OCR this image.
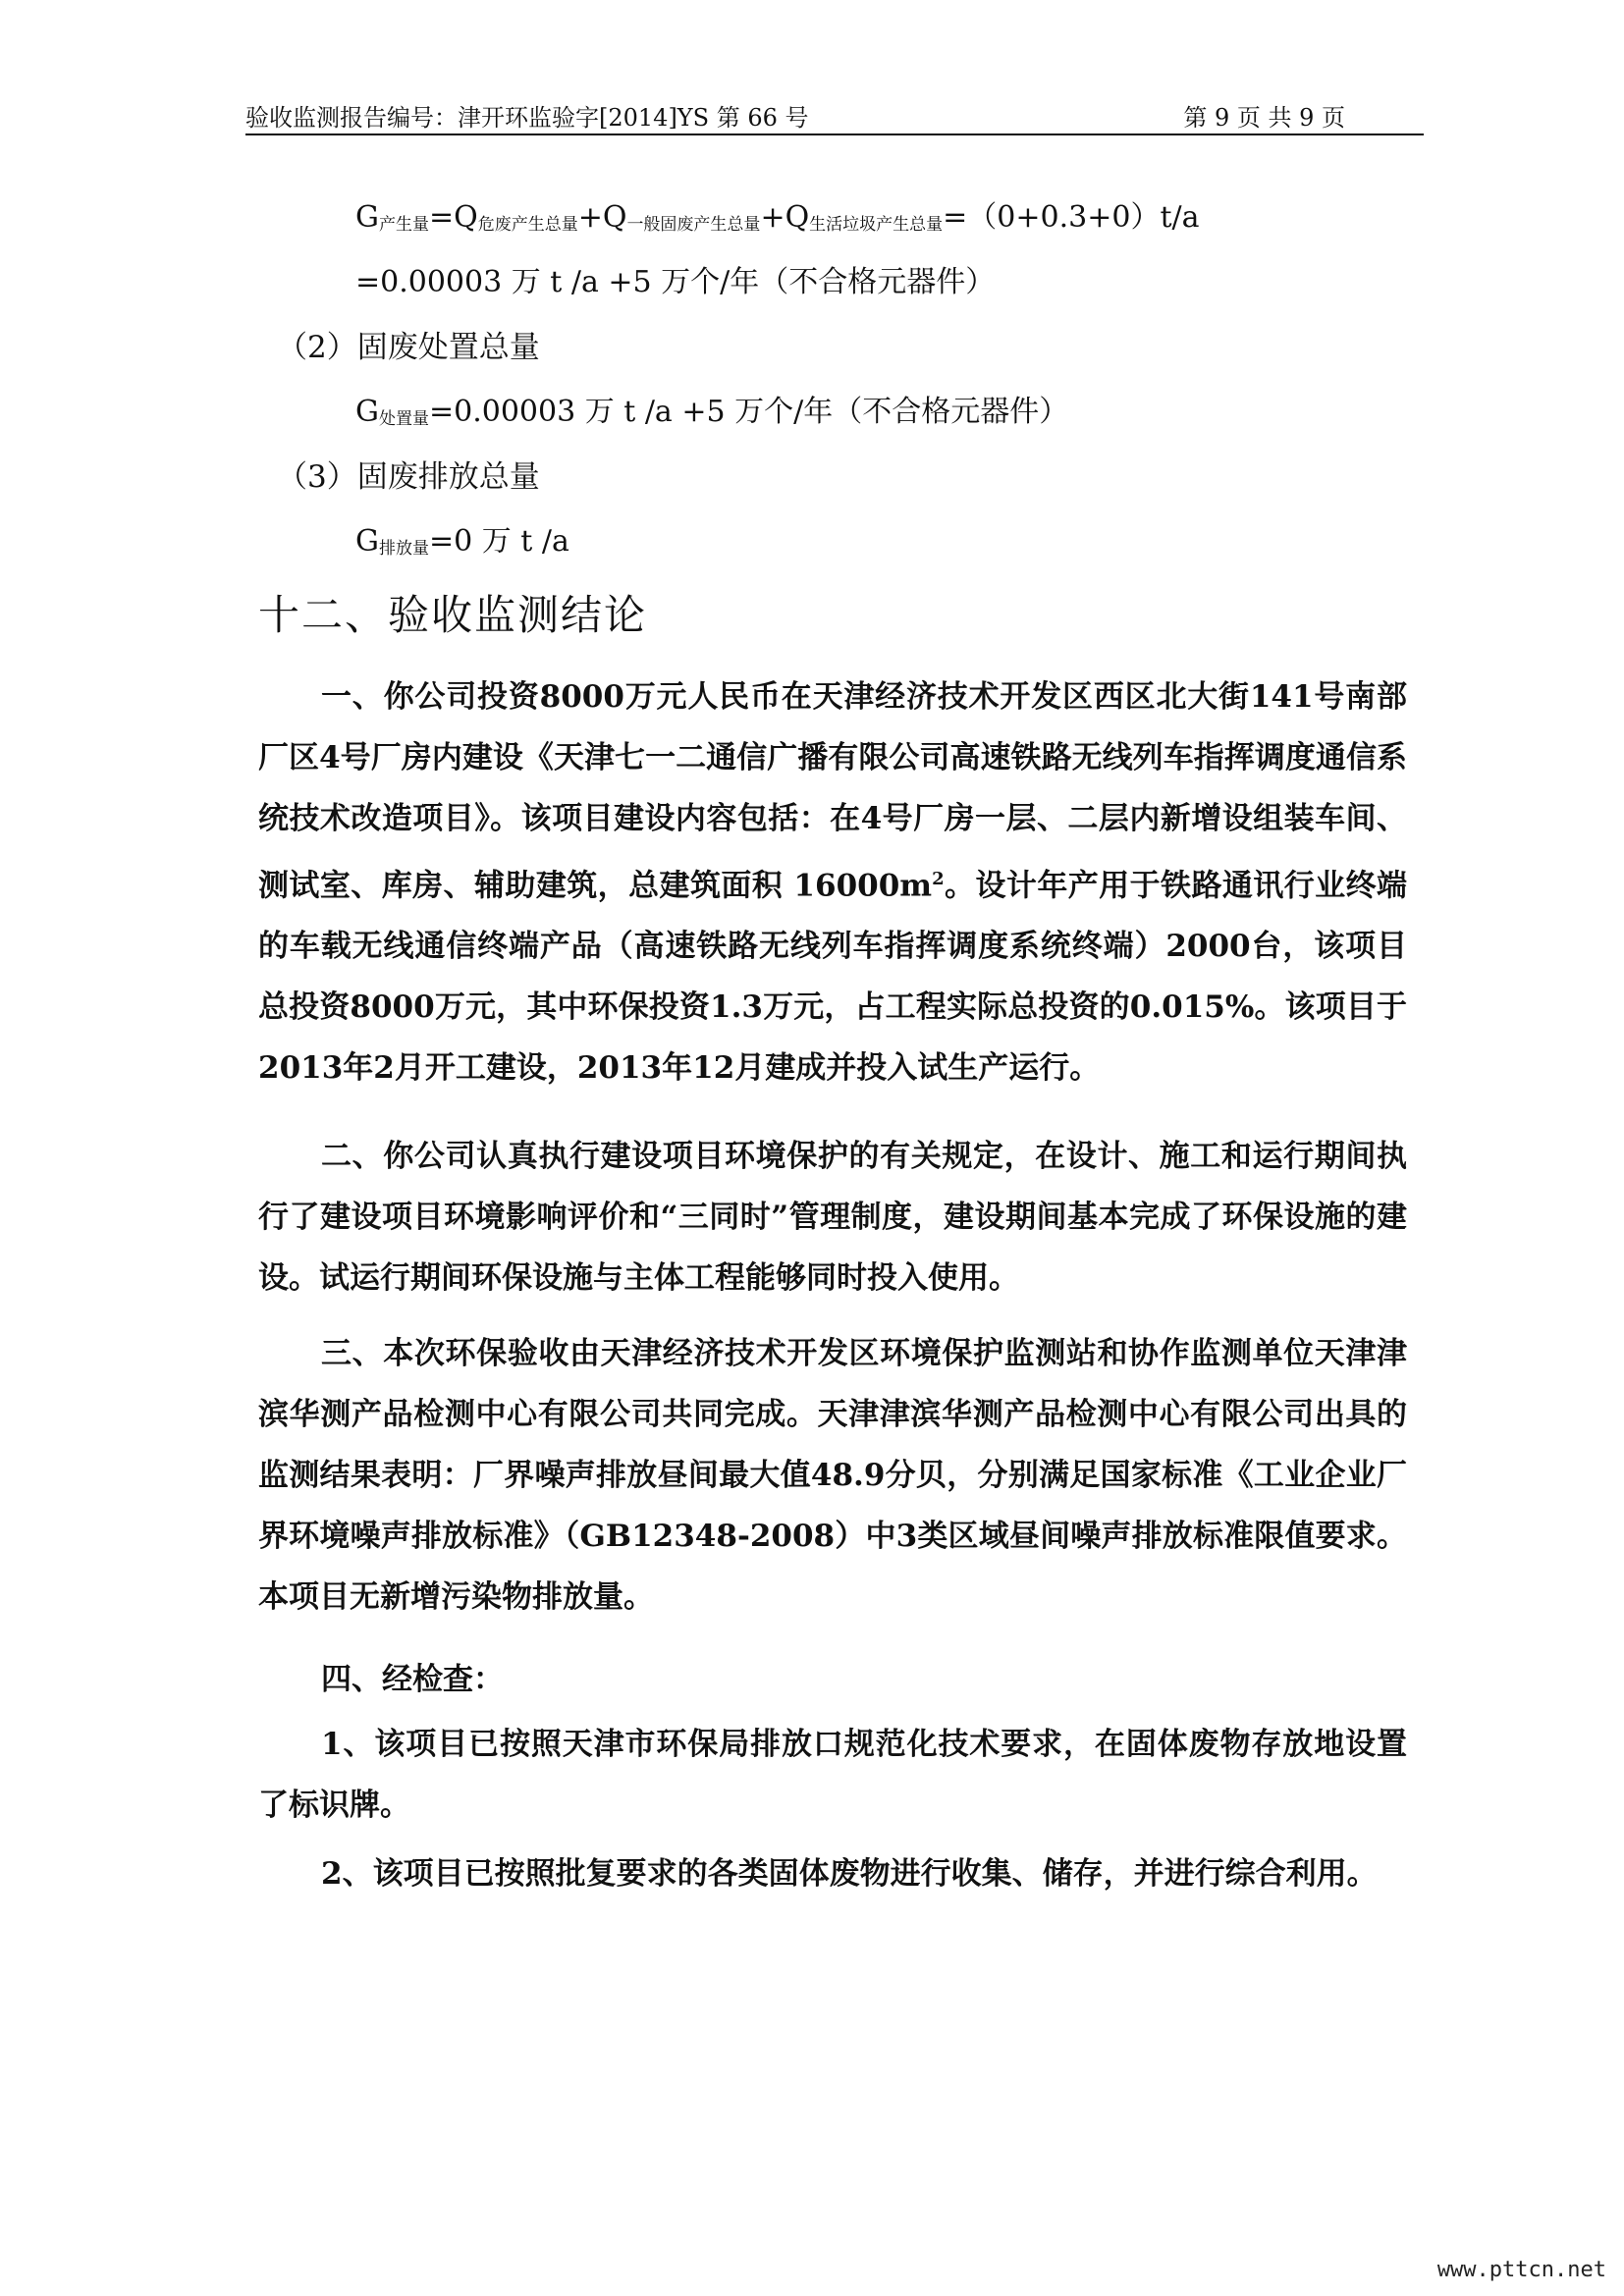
验收监测报告编号：津开环监验字[2014]YS 第 66 号	第 9 页 共 9 页
$G_{产生量}=Q_{危废产生总量}+Q_{一般固废产生总量}+Q_{生活垃圾产生总量}=(0+0.3+0)t/a$
=0.00003 万 t /a +5 万个/年（不合格元器件）
（2）固废处置总量
$G_{处置量}=0.00003$ 万 t /a +5 万个/年（不合格元器件）
（3）固废排放总量
$G_{排放量}=0$ 万 t /a
十二、验收监测结论
一、你公司投资8000万元人民币在天津经济技术开发区西区北大街141号南部厂区4号厂房内建设《天津七一二通信广播有限公司高速铁路无线列车指挥调度通信系统技术改造项目》。该项目建设内容包括：在4号厂房一层、二层内新增设组装车间、测试室、库房、辅助建筑，总建筑面积 $16000m^2$。设计年产用于铁路通讯行业终端的车载无线通信终端产品（高速铁路无线列车指挥调度系统终端）2000台，该项目总投资8000万元，其中环保投资1.3万元，占工程实际总投资的0.015%。该项目于2013年2月开工建设，2013年12月建成并投入试生产运行。
二、你公司认真执行建设项目环境保护的有关规定，在设计、施工和运行期间执行了建设项目环境影响评价和“三同时”管理制度，建设期间基本完成了环保设施的建设。试运行期间环保设施与主体工程能够同时投入使用。
三、本次环保验收由天津经济技术开发区环境保护监测站和协作监测单位天津津滨华测产品检测中心有限公司共同完成。天津津滨华测产品检测中心有限公司出具的监测结果表明：厂界噪声排放昼间最大值48.9分贝，分别满足国家标准《工业企业厂界环境噪声排放标准》（GB12348-2008）中3类区域昼间噪声排放标准限值要求。本项目无新增污染物排放量。
四、经检查：
1、该项目已按照天津市环保局排放口规范化技术要求，在固体废物存放地设置了标识牌。
2、该项目已按照批复要求的各类固体废物进行收集、储存，并进行综合利用。
www.pttcn.net
